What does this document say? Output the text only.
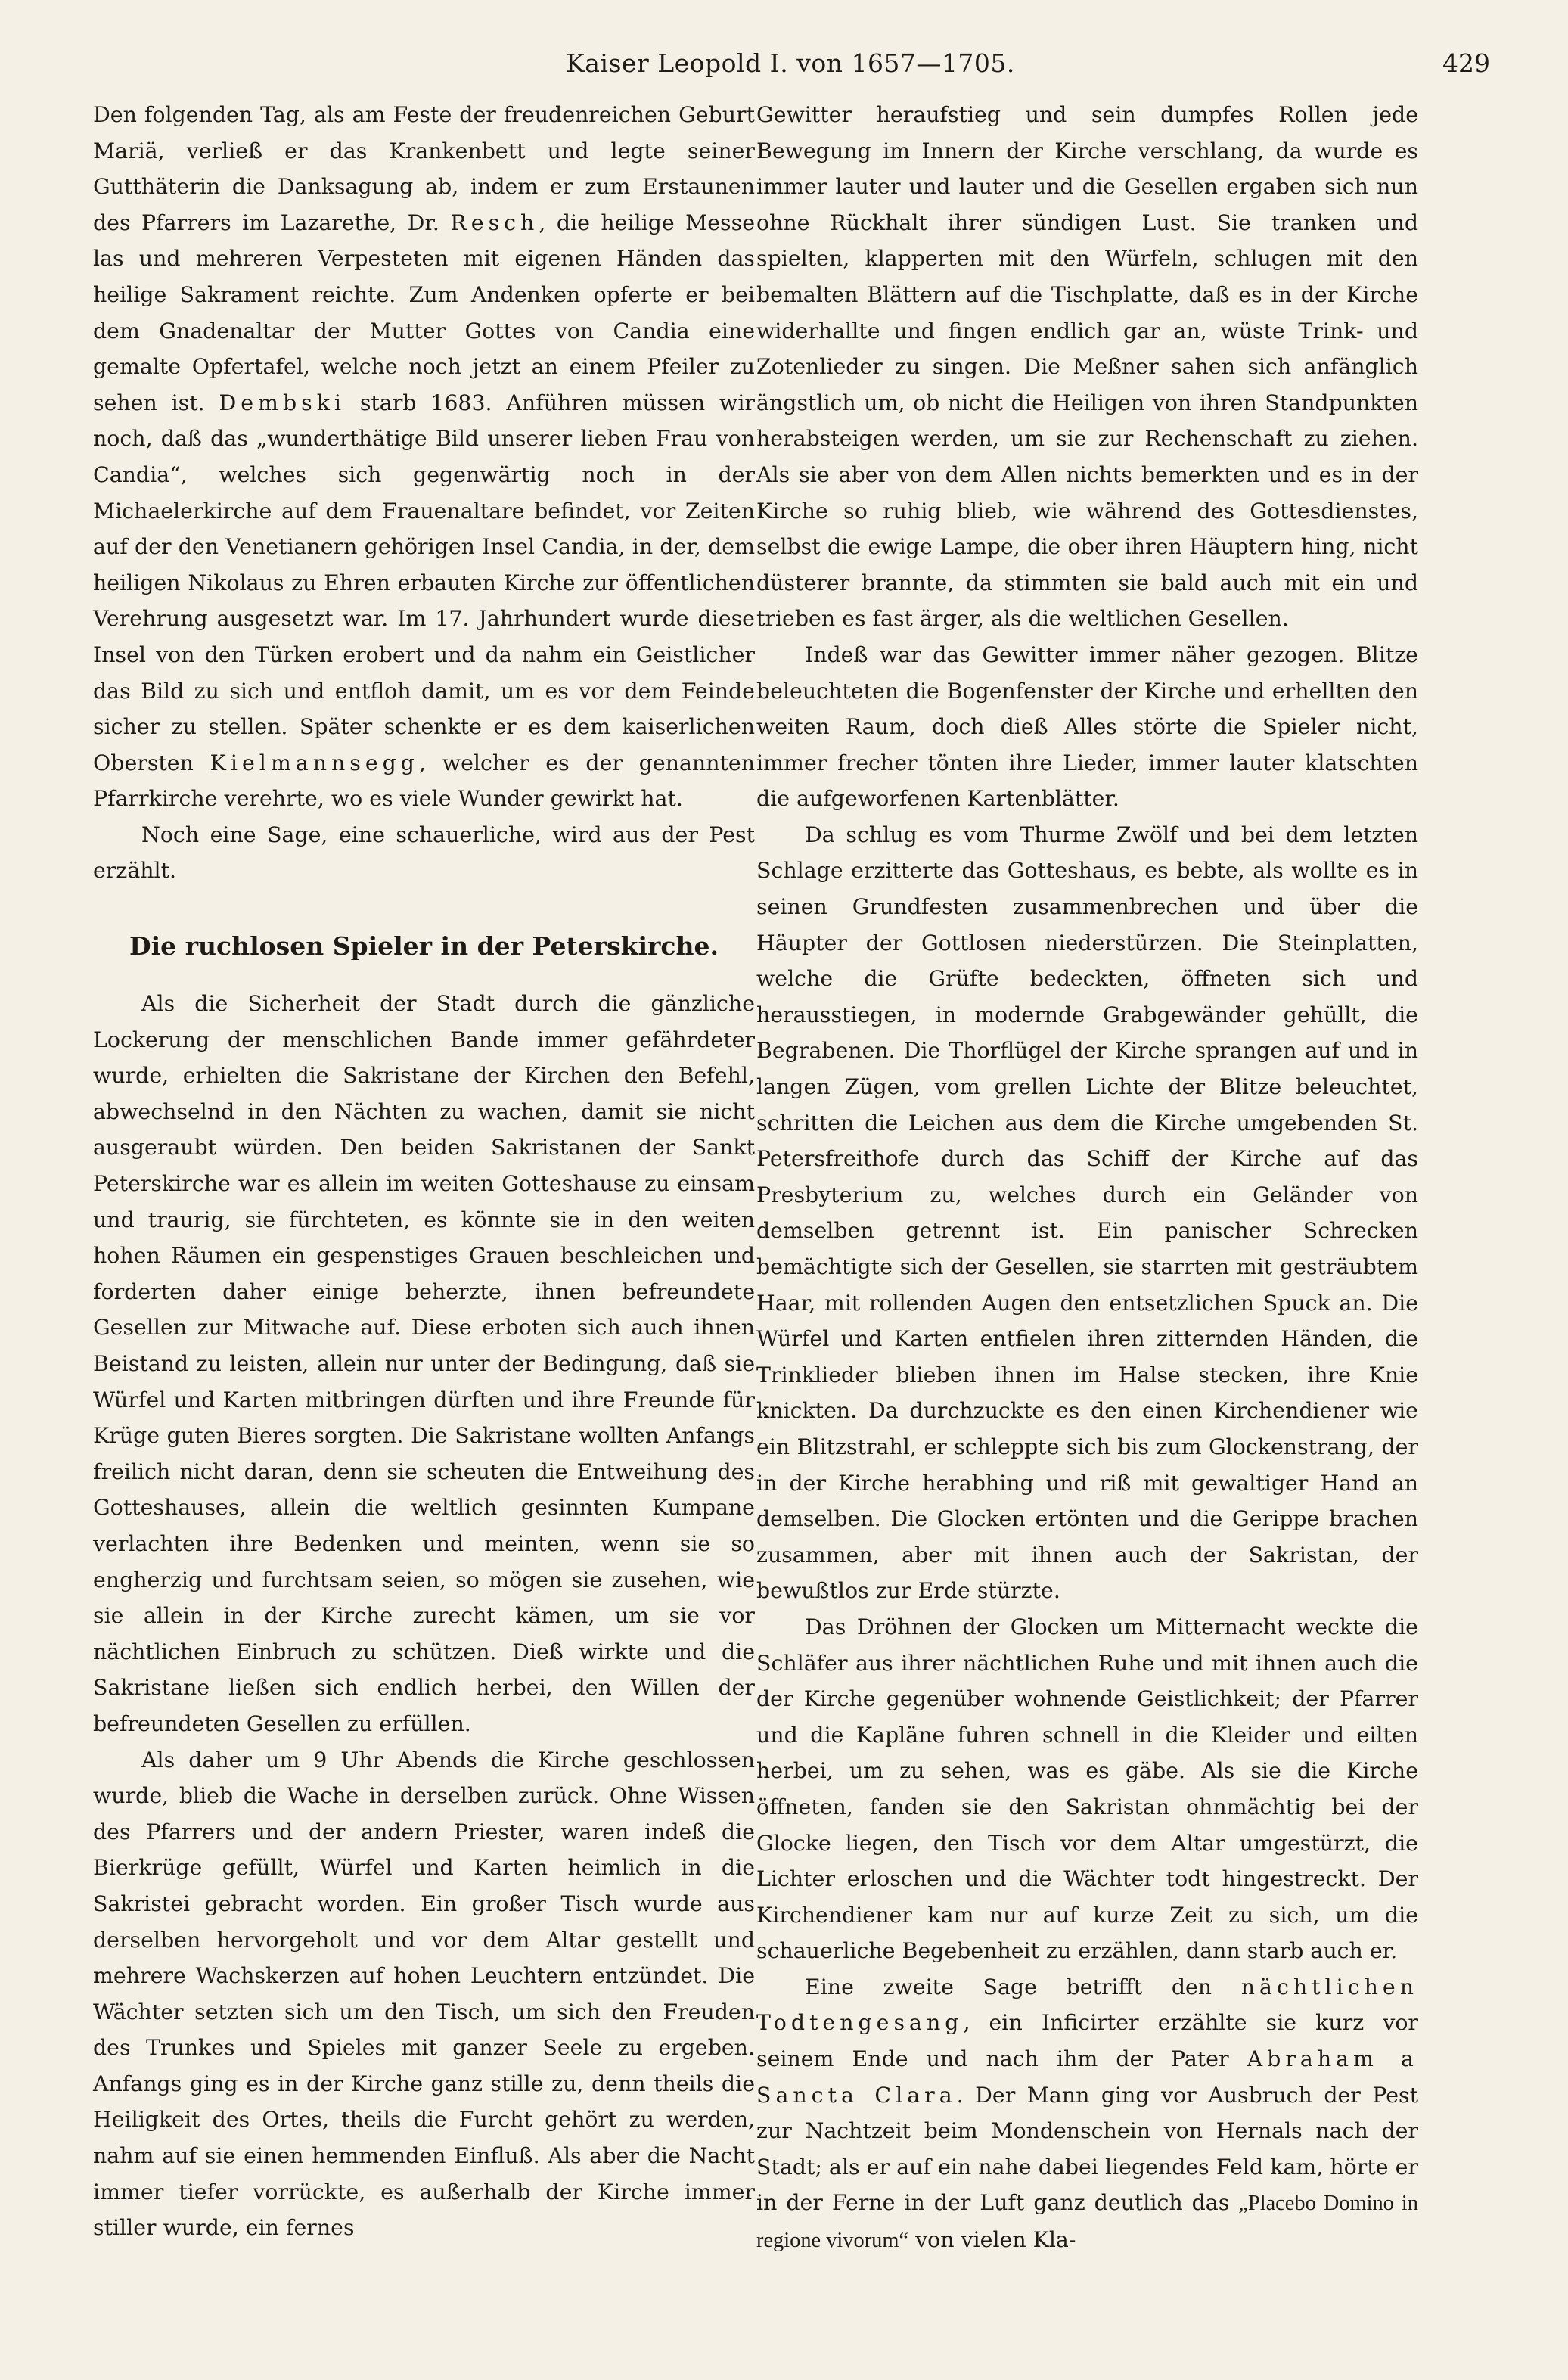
Kaiser Leopold I. von 1657—1705.	429

Den folgenden Tag, als am Feste der freudenreichen Geburt Mariä, verließ er das Krankenbett und legte seiner Gutthäterin die Danksagung ab, indem er zum Erstaunen des Pfarrers im Lazarethe, Dr. Resch, die heilige Messe las und mehreren Verpesteten mit eigenen Händen das heilige Sakrament reichte. Zum Andenken opferte er bei dem Gnadenaltar der Mutter Gottes von Candia eine gemalte Opfertafel, welche noch jetzt an einem Pfeiler zu sehen ist. Dembski starb 1683. Anführen müssen wir noch, daß das „wunderthätige Bild unserer lieben Frau von Candia“, welches sich gegenwärtig noch in der Michaelerkirche auf dem Frauenaltare befindet, vor Zeiten auf der den Venetianern gehörigen Insel Candia, in der, dem heiligen Nikolaus zu Ehren erbauten Kirche zur öffentlichen Verehrung ausgesetzt war. Im 17. Jahrhundert wurde diese Insel von den Türken erobert und da nahm ein Geistlicher das Bild zu sich und entfloh damit, um es vor dem Feinde sicher zu stellen. Später schenkte er es dem kaiserlichen Obersten Kielmannsegg, welcher es der genannten Pfarrkirche verehrte, wo es viele Wunder gewirkt hat.

Noch eine Sage, eine schauerliche, wird aus der Pest erzählt.

Die ruchlosen Spieler in der Peterskirche.

Als die Sicherheit der Stadt durch die gänzliche Lockerung der menschlichen Bande immer gefährdeter wurde, erhielten die Sakristane der Kirchen den Befehl, abwechselnd in den Nächten zu wachen, damit sie nicht ausgeraubt würden. Den beiden Sakristanen der Sankt Peterskirche war es allein im weiten Gotteshause zu einsam und traurig, sie fürchteten, es könnte sie in den weiten hohen Räumen ein gespenstiges Grauen beschleichen und forderten daher einige beherzte, ihnen befreundete Gesellen zur Mitwache auf. Diese erboten sich auch ihnen Beistand zu leisten, allein nur unter der Bedingung, daß sie Würfel und Karten mitbringen dürften und ihre Freunde für Krüge guten Bieres sorgten. Die Sakristane wollten Anfangs freilich nicht daran, denn sie scheuten die Entweihung des Gotteshauses, allein die weltlich gesinnten Kumpane verlachten ihre Bedenken und meinten, wenn sie so engherzig und furchtsam seien, so mögen sie zusehen, wie sie allein in der Kirche zurecht kämen, um sie vor nächtlichen Einbruch zu schützen. Dieß wirkte und die Sakristane ließen sich endlich herbei, den Willen der befreundeten Gesellen zu erfüllen.

Als daher um 9 Uhr Abends die Kirche geschlossen wurde, blieb die Wache in derselben zurück. Ohne Wissen des Pfarrers und der andern Priester, waren indeß die Bierkrüge gefüllt, Würfel und Karten heimlich in die Sakristei gebracht worden. Ein großer Tisch wurde aus derselben hervorgeholt und vor dem Altar gestellt und mehrere Wachskerzen auf hohen Leuchtern entzündet. Die Wächter setzten sich um den Tisch, um sich den Freuden des Trunkes und Spieles mit ganzer Seele zu ergeben. Anfangs ging es in der Kirche ganz stille zu, denn theils die Heiligkeit des Ortes, theils die Furcht gehört zu werden, nahm auf sie einen hemmenden Einfluß. Als aber die Nacht immer tiefer vorrückte, es außerhalb der Kirche immer stiller wurde, ein fernes

Gewitter heraufstieg und sein dumpfes Rollen jede Bewegung im Innern der Kirche verschlang, da wurde es immer lauter und lauter und die Gesellen ergaben sich nun ohne Rückhalt ihrer sündigen Lust. Sie tranken und spielten, klapperten mit den Würfeln, schlugen mit den bemalten Blättern auf die Tischplatte, daß es in der Kirche widerhallte und fingen endlich gar an, wüste Trink- und Zotenlieder zu singen. Die Meßner sahen sich anfänglich ängstlich um, ob nicht die Heiligen von ihren Standpunkten herabsteigen werden, um sie zur Rechenschaft zu ziehen. Als sie aber von dem Allen nichts bemerkten und es in der Kirche so ruhig blieb, wie während des Gottesdienstes, selbst die ewige Lampe, die ober ihren Häuptern hing, nicht düsterer brannte, da stimmten sie bald auch mit ein und trieben es fast ärger, als die weltlichen Gesellen.

Indeß war das Gewitter immer näher gezogen. Blitze beleuchteten die Bogenfenster der Kirche und erhellten den weiten Raum, doch dieß Alles störte die Spieler nicht, immer frecher tönten ihre Lieder, immer lauter klatschten die aufgeworfenen Kartenblätter.

Da schlug es vom Thurme Zwölf und bei dem letzten Schlage erzitterte das Gotteshaus, es bebte, als wollte es in seinen Grundfesten zusammenbrechen und über die Häupter der Gottlosen niederstürzen. Die Steinplatten, welche die Grüfte bedeckten, öffneten sich und herausstiegen, in modernde Grabgewänder gehüllt, die Begrabenen. Die Thorflügel der Kirche sprangen auf und in langen Zügen, vom grellen Lichte der Blitze beleuchtet, schritten die Leichen aus dem die Kirche umgebenden St. Petersfreithofe durch das Schiff der Kirche auf das Presbyterium zu, welches durch ein Geländer von demselben getrennt ist. Ein panischer Schrecken bemächtigte sich der Gesellen, sie starrten mit gesträubtem Haar, mit rollenden Augen den entsetzlichen Spuck an. Die Würfel und Karten entfielen ihren zitternden Händen, die Trinklieder blieben ihnen im Halse stecken, ihre Knie knickten. Da durchzuckte es den einen Kirchendiener wie ein Blitzstrahl, er schleppte sich bis zum Glockenstrang, der in der Kirche herabhing und riß mit gewaltiger Hand an demselben. Die Glocken ertönten und die Gerippe brachen zusammen, aber mit ihnen auch der Sakristan, der bewußtlos zur Erde stürzte.

Das Dröhnen der Glocken um Mitternacht weckte die Schläfer aus ihrer nächtlichen Ruhe und mit ihnen auch die der Kirche gegenüber wohnende Geistlichkeit; der Pfarrer und die Kapläne fuhren schnell in die Kleider und eilten herbei, um zu sehen, was es gäbe. Als sie die Kirche öffneten, fanden sie den Sakristan ohnmächtig bei der Glocke liegen, den Tisch vor dem Altar umgestürzt, die Lichter erloschen und die Wächter todt hingestreckt. Der Kirchendiener kam nur auf kurze Zeit zu sich, um die schauerliche Begebenheit zu erzählen, dann starb auch er.

Eine zweite Sage betrifft den nächtlichen Todtengesang, ein Inficirter erzählte sie kurz vor seinem Ende und nach ihm der Pater Abraham a Sancta Clara. Der Mann ging vor Ausbruch der Pest zur Nachtzeit beim Mondenschein von Hernals nach der Stadt; als er auf ein nahe dabei liegendes Feld kam, hörte er in der Ferne in der Luft ganz deutlich das „Placebo Domino in regione vivorum“ von vielen Kla-
